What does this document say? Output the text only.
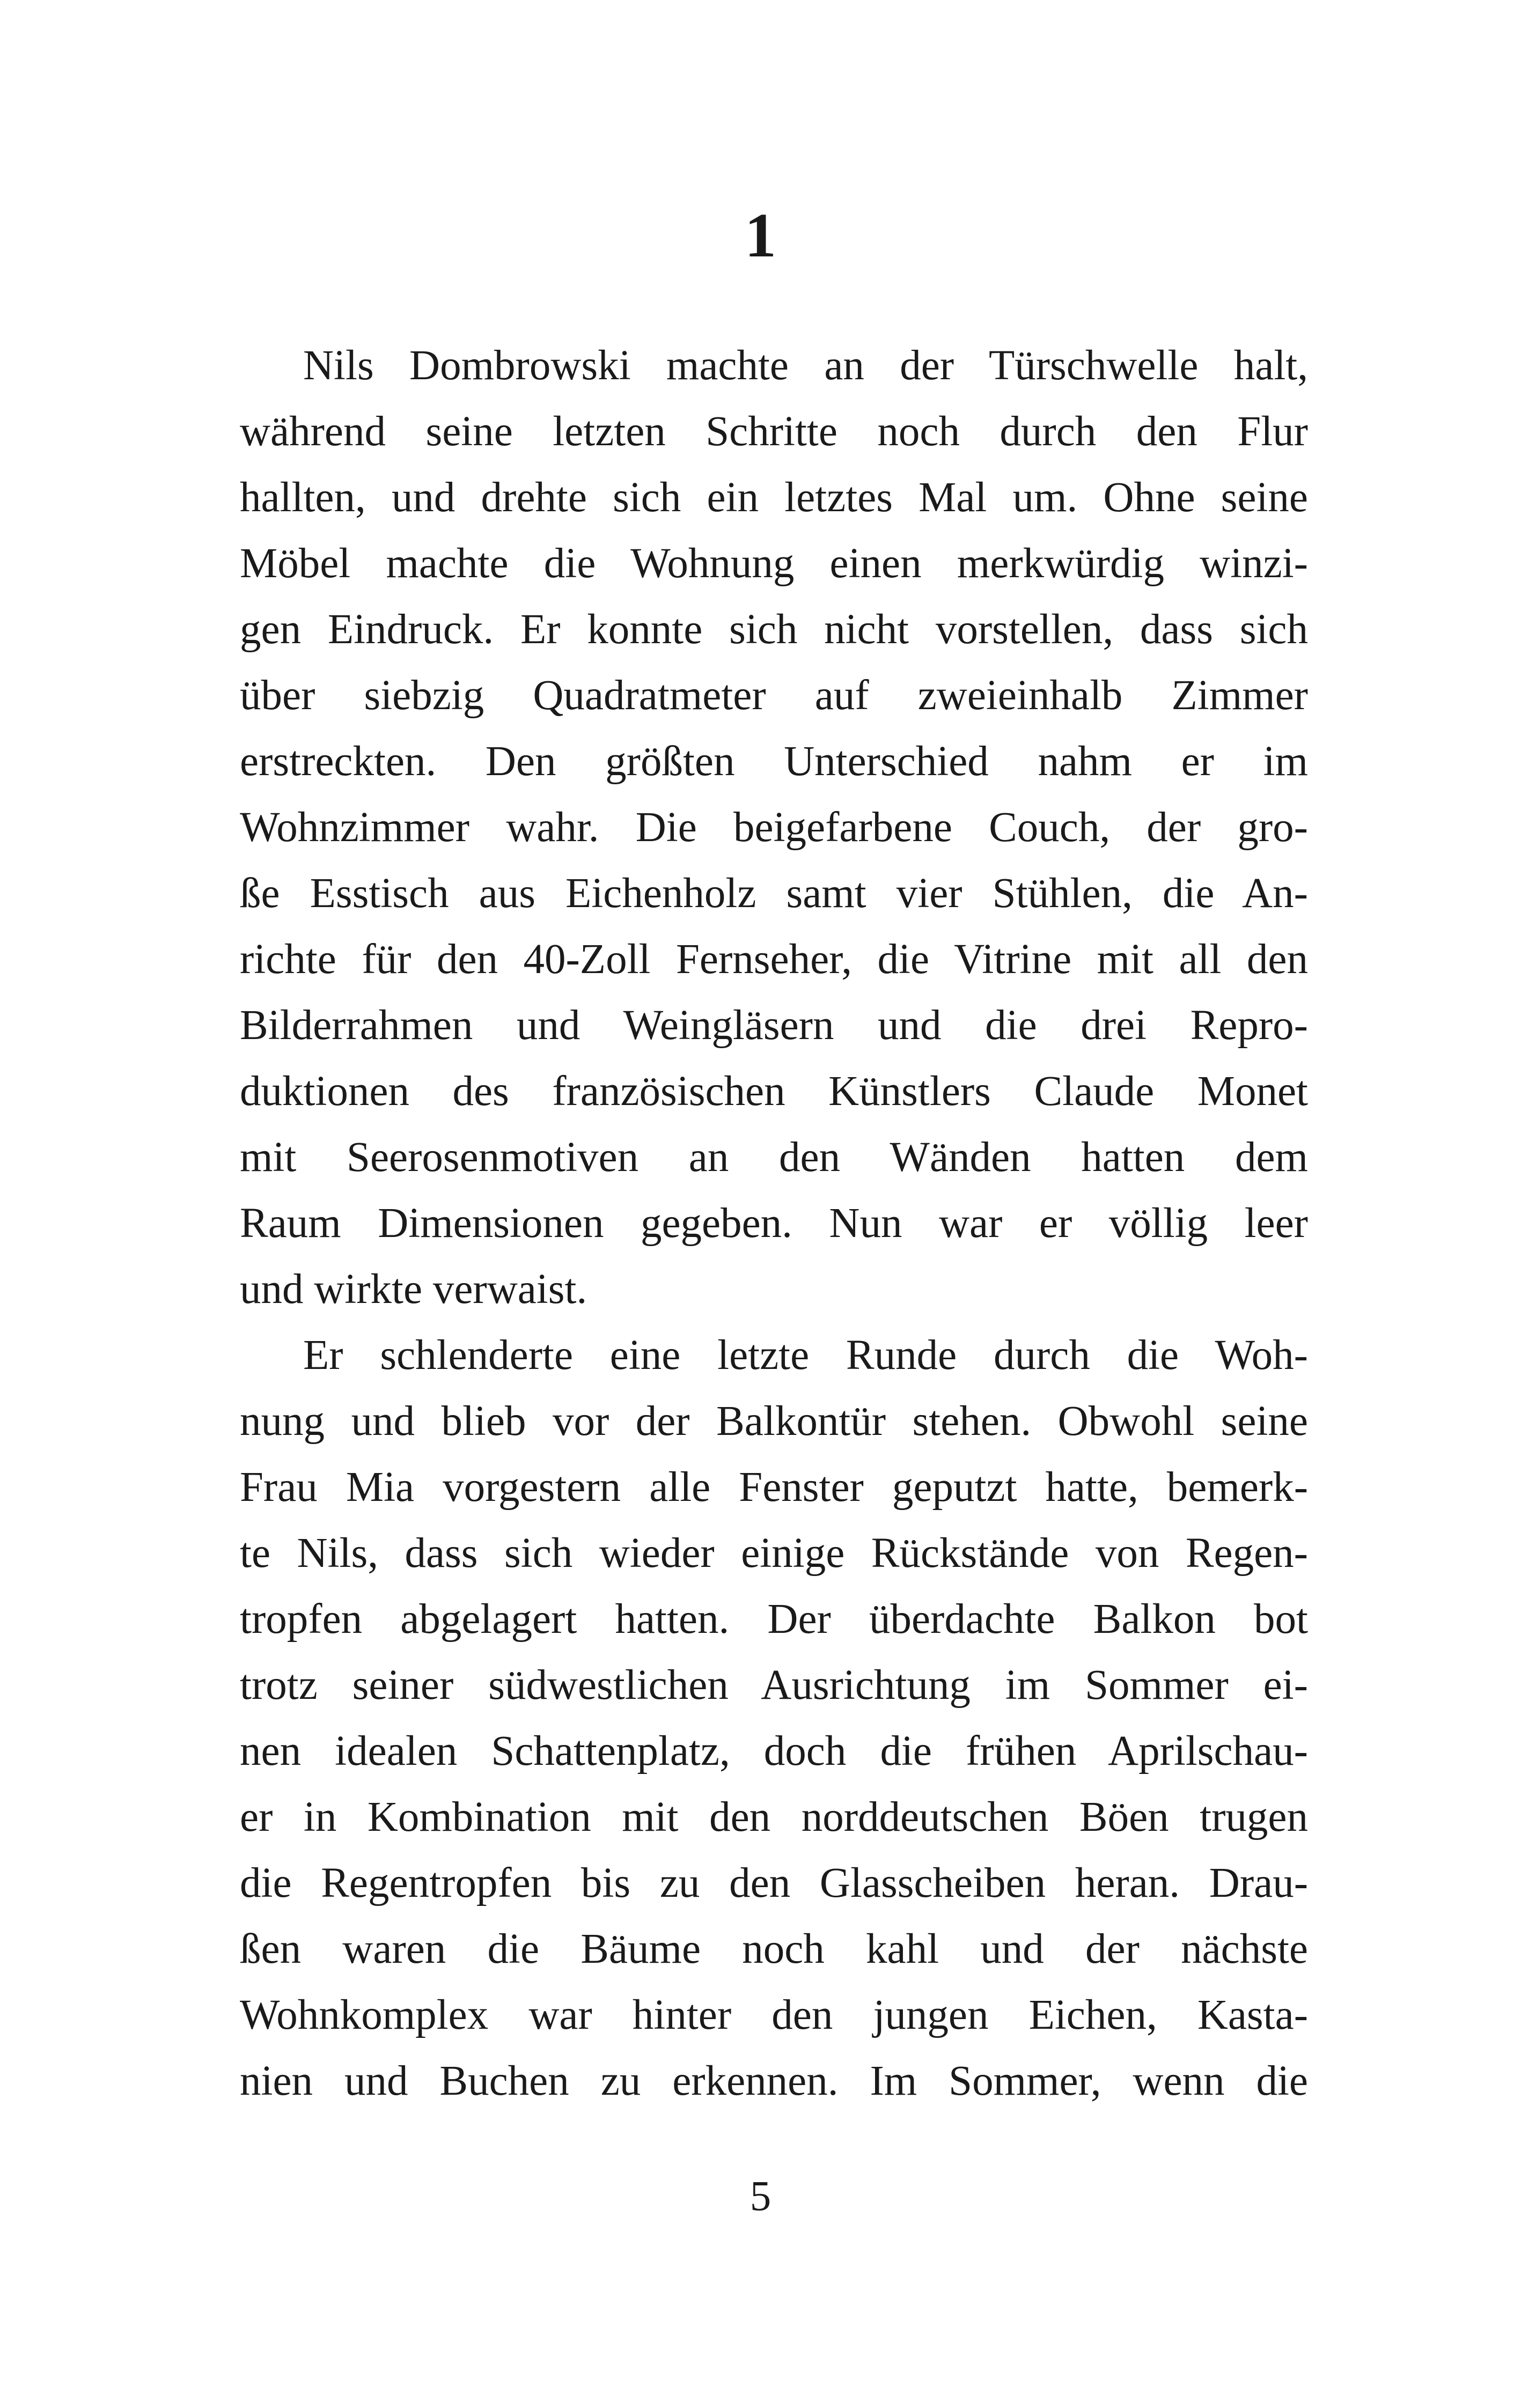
1
Nils Dombrowski machte an der Türschwelle halt,
während seine letzten Schritte noch durch den Flur
hallten, und drehte sich ein letztes Mal um. Ohne seine
Möbel machte die Wohnung einen merkwürdig winzi-
gen Eindruck. Er konnte sich nicht vorstellen, dass sich
über siebzig Quadratmeter auf zweieinhalb Zimmer
erstreckten. Den größten Unterschied nahm er im
Wohnzimmer wahr. Die beigefarbene Couch, der gro-
ße Esstisch aus Eichenholz samt vier Stühlen, die An-
richte für den 40-Zoll Fernseher, die Vitrine mit all den
Bilderrahmen und Weingläsern und die drei Repro-
duktionen des französischen Künstlers Claude Monet
mit Seerosenmotiven an den Wänden hatten dem
Raum Dimensionen gegeben. Nun war er völlig leer
und wirkte verwaist.
Er schlenderte eine letzte Runde durch die Woh-
nung und blieb vor der Balkontür stehen. Obwohl seine
Frau Mia vorgestern alle Fenster geputzt hatte, bemerk-
te Nils, dass sich wieder einige Rückstände von Regen-
tropfen abgelagert hatten. Der überdachte Balkon bot
trotz seiner südwestlichen Ausrichtung im Sommer ei-
nen idealen Schattenplatz, doch die frühen Aprilschau-
er in Kombination mit den norddeutschen Böen trugen
die Regentropfen bis zu den Glasscheiben heran. Drau-
ßen waren die Bäume noch kahl und der nächste
Wohnkomplex war hinter den jungen Eichen, Kasta-
nien und Buchen zu erkennen. Im Sommer, wenn die
5
